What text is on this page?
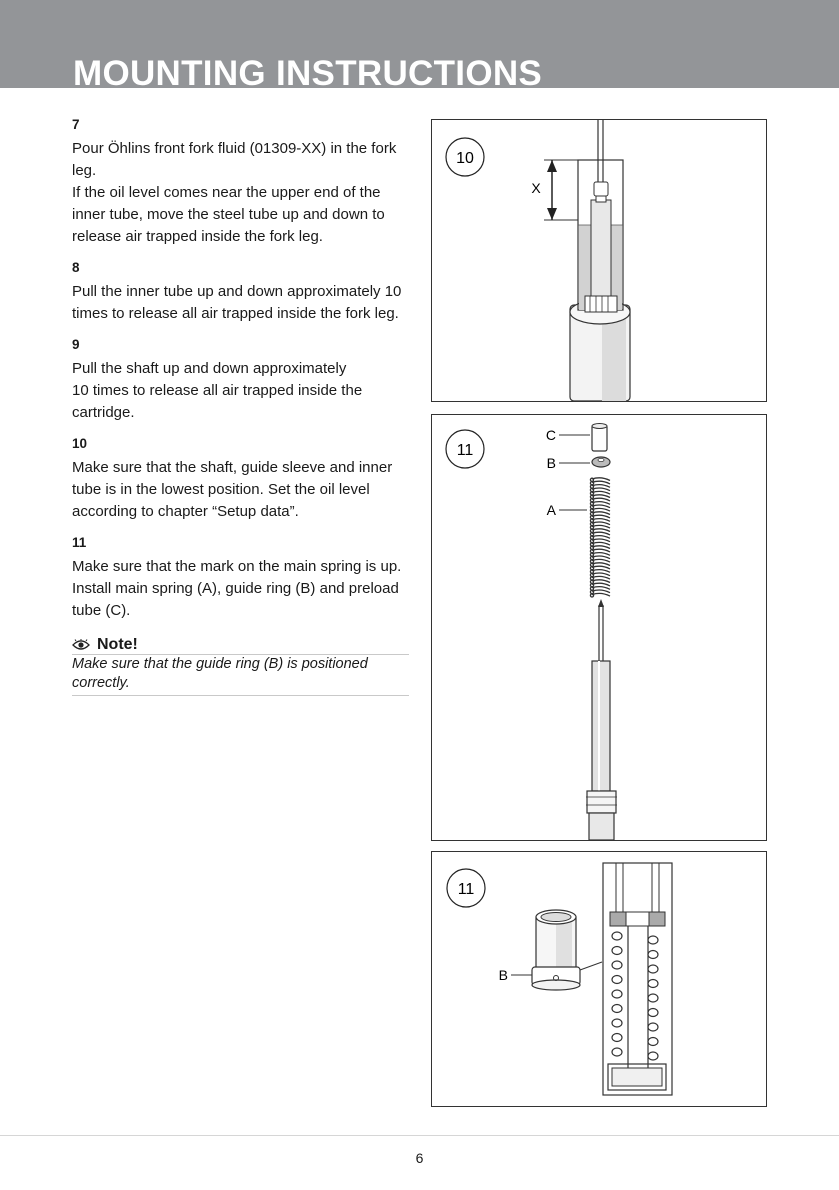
MOUNTING INSTRUCTIONS
7

Pour Öhlins front fork fluid (01309-XX) in the fork leg.

If the oil level comes near the upper end of the inner tube, move the steel tube up and down to release air trapped inside the fork leg.

8

Pull the inner tube up and down approximately 10 times to release all air trapped inside the fork leg.

9

Pull the shaft up and down approximately

10 times to release all air trapped inside the cartridge.

10

Make sure that the shaft, guide sleeve and inner tube is in the lowest position. Set the oil level according to chapter “Setup data”.

11

Make sure that the mark on the main spring is up. Install main spring (A), guide ring (B) and preload tube (C).

Note!
Make sure that the guide ring (B) is positioned correctly.
10
X
11
C
B
A
11
B
6
